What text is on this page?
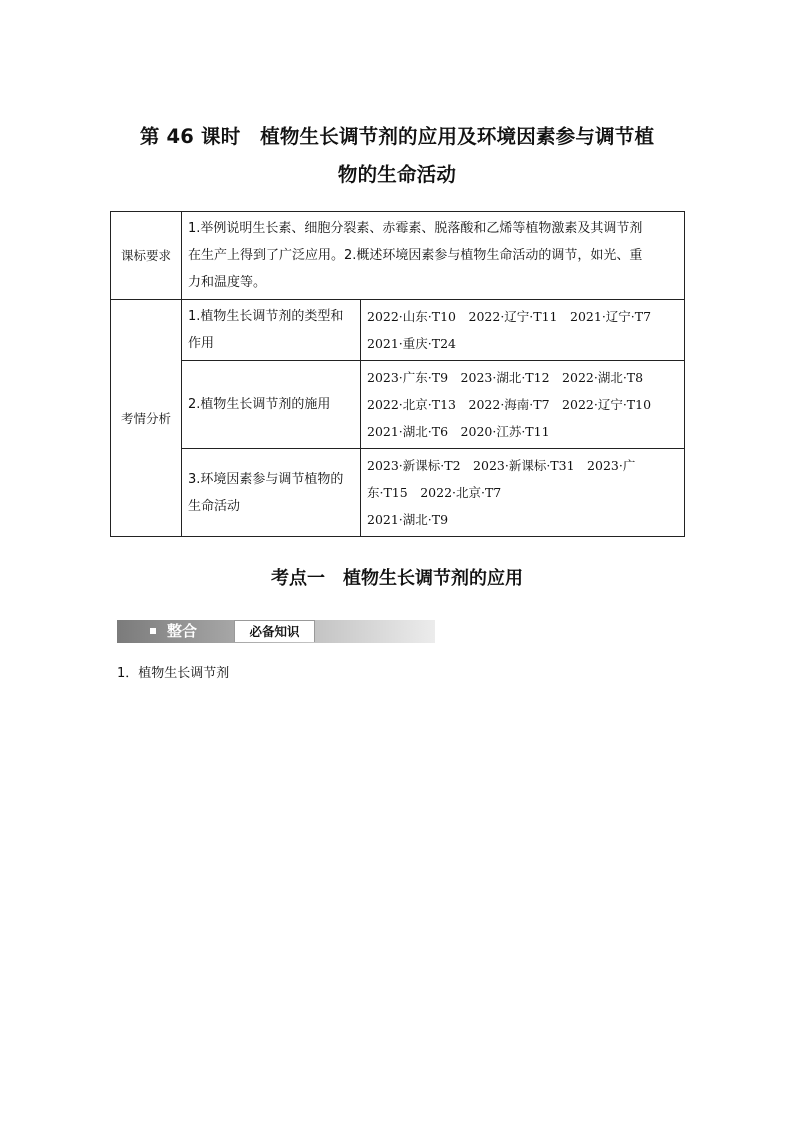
第 46 课时　植物生长调节剂的应用及环境因素参与调节植
物的生命活动
课标要求	1.举例说明生长素、细胞分裂素、赤霉素、脱落酸和乙烯等植物激素及其调节剂
在生产上得到了广泛应用。2.概述环境因素参与植物生命活动的调节，如光、重
力和温度等。	

考情分析	1.植物生长调节剂的类型和
作用	2022·山东·T10　2022·辽宁·T11　2021·辽宁·T7
2021·重庆·T24

	2.植物生长调节剂的施用	2023·广东·T9　2023·湖北·T12　2022·湖北·T8
2022·北京·T13　2022·海南·T7　2022·辽宁·T10
2021·湖北·T6　2020·江苏·T11

	3.环境因素参与调节植物的
生命活动	2023·新课标·T2　2023·新课标·T31　2023·广
东·T15　2022·北京·T7
2021·湖北·T9
考点一　植物生长调节剂的应用
整合	必备知识
1．植物生长调节剂
